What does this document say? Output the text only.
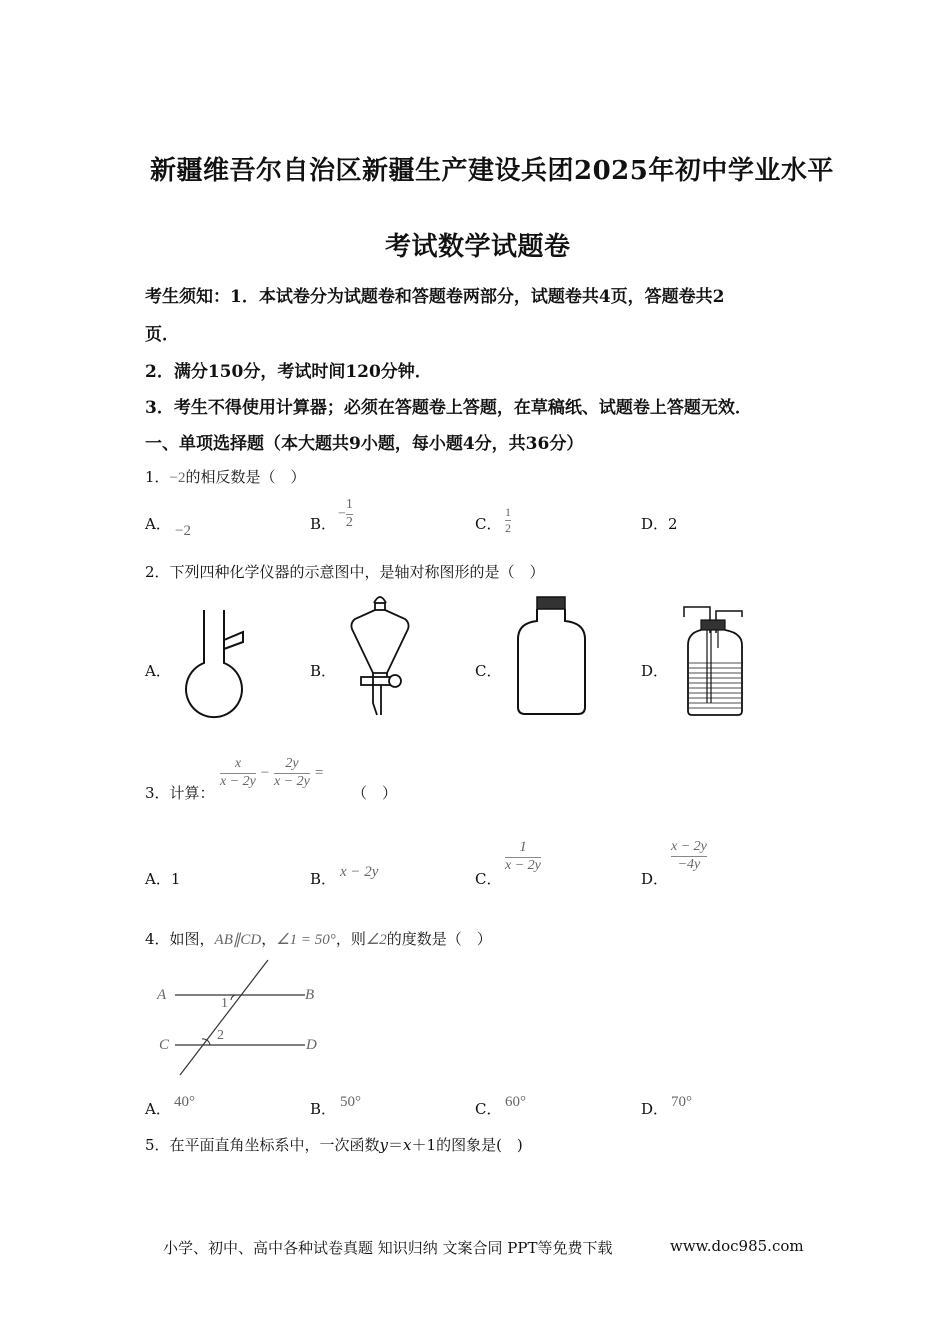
新疆维吾尔自治区新疆生产建设兵团2025年初中学业水平
考试数学试题卷
考生须知：1．本试卷分为试题卷和答题卷两部分，试题卷共4页，答题卷共2
页．
2．满分150分，考试时间120分钟．
3．考生不得使用计算器；必须在答题卷上答题，在草稿纸、试题卷上答题无效．
一、单项选择题（本大题共9小题，每小题4分，共36分）
1．−2的相反数是（　）
A． −2	B．
− $\frac{1}{2}$	C． $\frac{1}{2}$	D．2
2．下列四种化学仪器的示意图中，是轴对称图形的是（　）
A．	B．	C．	D．
3．计算：
$\frac{x}{x - 2y} - \frac{2y}{x - 2y}$ =
（　）
A．1	B． x − 2y	C．
$\frac{1}{x - 2y}$
D．
$\frac{x - 2y}{-4y}$
4．如图，AB∥CD，∠1 = 50°，则∠2的度数是（　）
A	B
C	D
1
2
A． 40°	B． 50°	C． 60°	D． 70°
5．在平面直角坐标系中，一次函数y＝x＋1的图象是(　)
小学、初中、高中各种试卷真题 知识归纳 文案合同 PPT等免费下载	www.doc985.com
